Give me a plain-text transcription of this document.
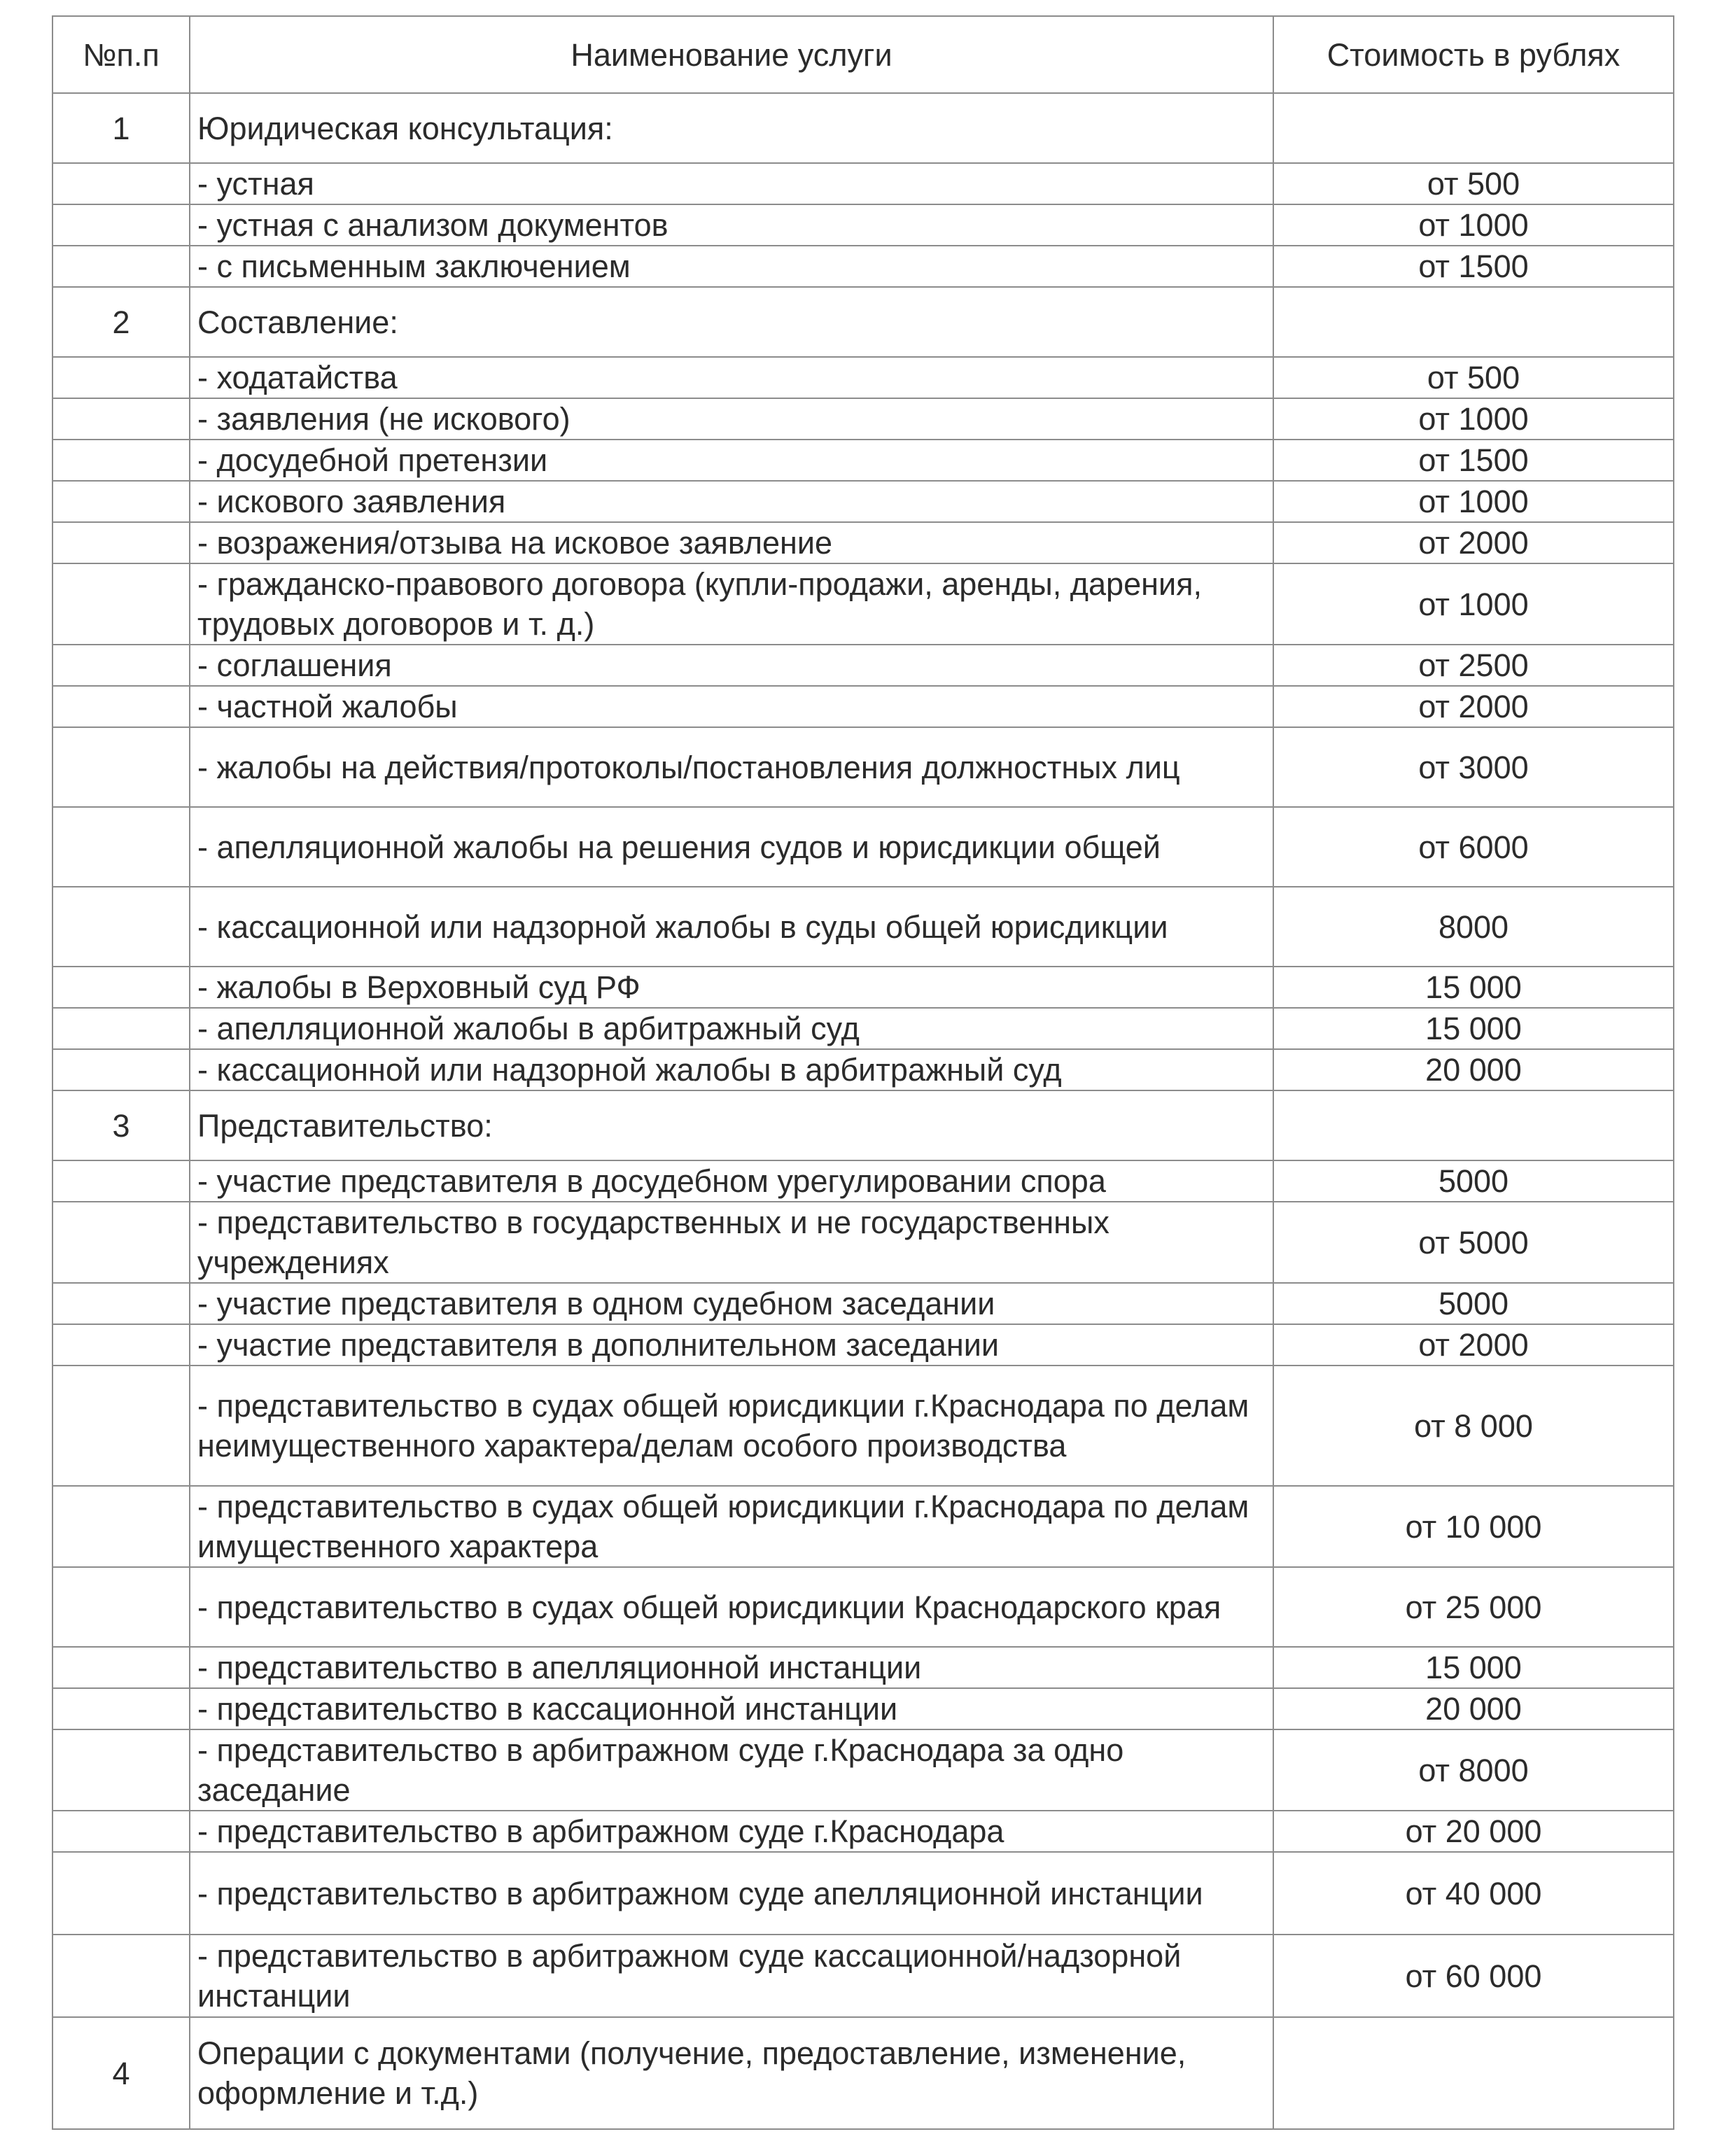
№п.п	Наименование услуги	Стоимость в рублях
1	Юридическая консультация:	
	- устная	от 500
	- устная с анализом документов	от 1000
	- с письменным заключением	от 1500
2	Составление:	
	- ходатайства	от 500
	- заявления (не искового)	от 1000
	- досудебной претензии	от 1500
	- искового заявления	от 1000
	- возражения/отзыва на исковое заявление	от 2000
	- гражданско-правового договора (купли-продажи, аренды, дарения, трудовых договоров и т. д.)	от 1000
	- соглашения	от 2500
	- частной жалобы	от 2000
	- жалобы на действия/протоколы/постановления должностных лиц	от 3000
	- апелляционной жалобы на решения судов и юрисдикции общей	от 6000
	- кассационной или надзорной жалобы в суды общей юрисдикции	8000
	- жалобы в Верховный суд РФ	15 000
	- апелляционной жалобы в арбитражный суд	15 000
	- кассационной или надзорной жалобы в арбитражный суд	20 000
3	Представительство:	
	- участие представителя в досудебном урегулировании спора	5000
	- представительство в государственных и не государственных учреждениях	от 5000
	- участие представителя в одном судебном заседании	5000
	- участие представителя в дополнительном заседании	от 2000
	- представительство в судах общей юрисдикции г.Краснодара по делам неимущественного характера/делам особого производства	от 8 000
	- представительство в судах общей юрисдикции г.Краснодара по делам имущественного характера	от 10 000
	- представительство в судах общей юрисдикции Краснодарского края	от 25 000
	- представительство в апелляционной инстанции	15 000
	- представительство в кассационной инстанции	20 000
	- представительство в арбитражном суде г.Краснодара за одно заседание	от 8000
	- представительство в арбитражном суде г.Краснодара	от 20 000
	- представительство в арбитражном суде апелляционной инстанции	от 40 000
	- представительство в арбитражном суде кассационной/надзорной инстанции	от 60 000
4	Операции с документами (получение, предоставление, изменение, оформление и т.д.)	
